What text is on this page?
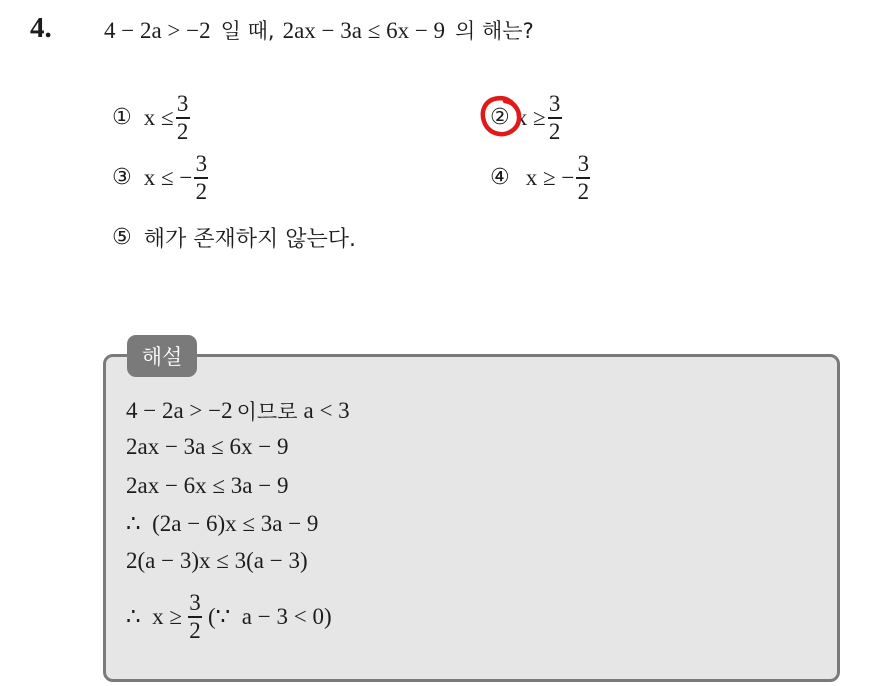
4. 4 − 2a > −2 일 때, 2ax − 3a ≤ 6x − 9 의 해는?
① $x \le \frac{3}{2}$	② $x \ge \frac{3}{2}$
③ x ≤ − $\frac{3}{2}$	④ x ≥ − $\frac{3}{2}$
⑤ 해가 존재하지 않는다.
해설
4 − 2a > −2 이므로 a < 3
2ax − 3a ≤ 6x − 9
2ax − 6x ≤ 3a − 9
∴  (2a − 6)x ≤ 3a − 9
2(a − 3)x ≤ 3(a − 3)
∴  $x \ge \frac{3}{2}$ (∵  a − 3 < 0)
